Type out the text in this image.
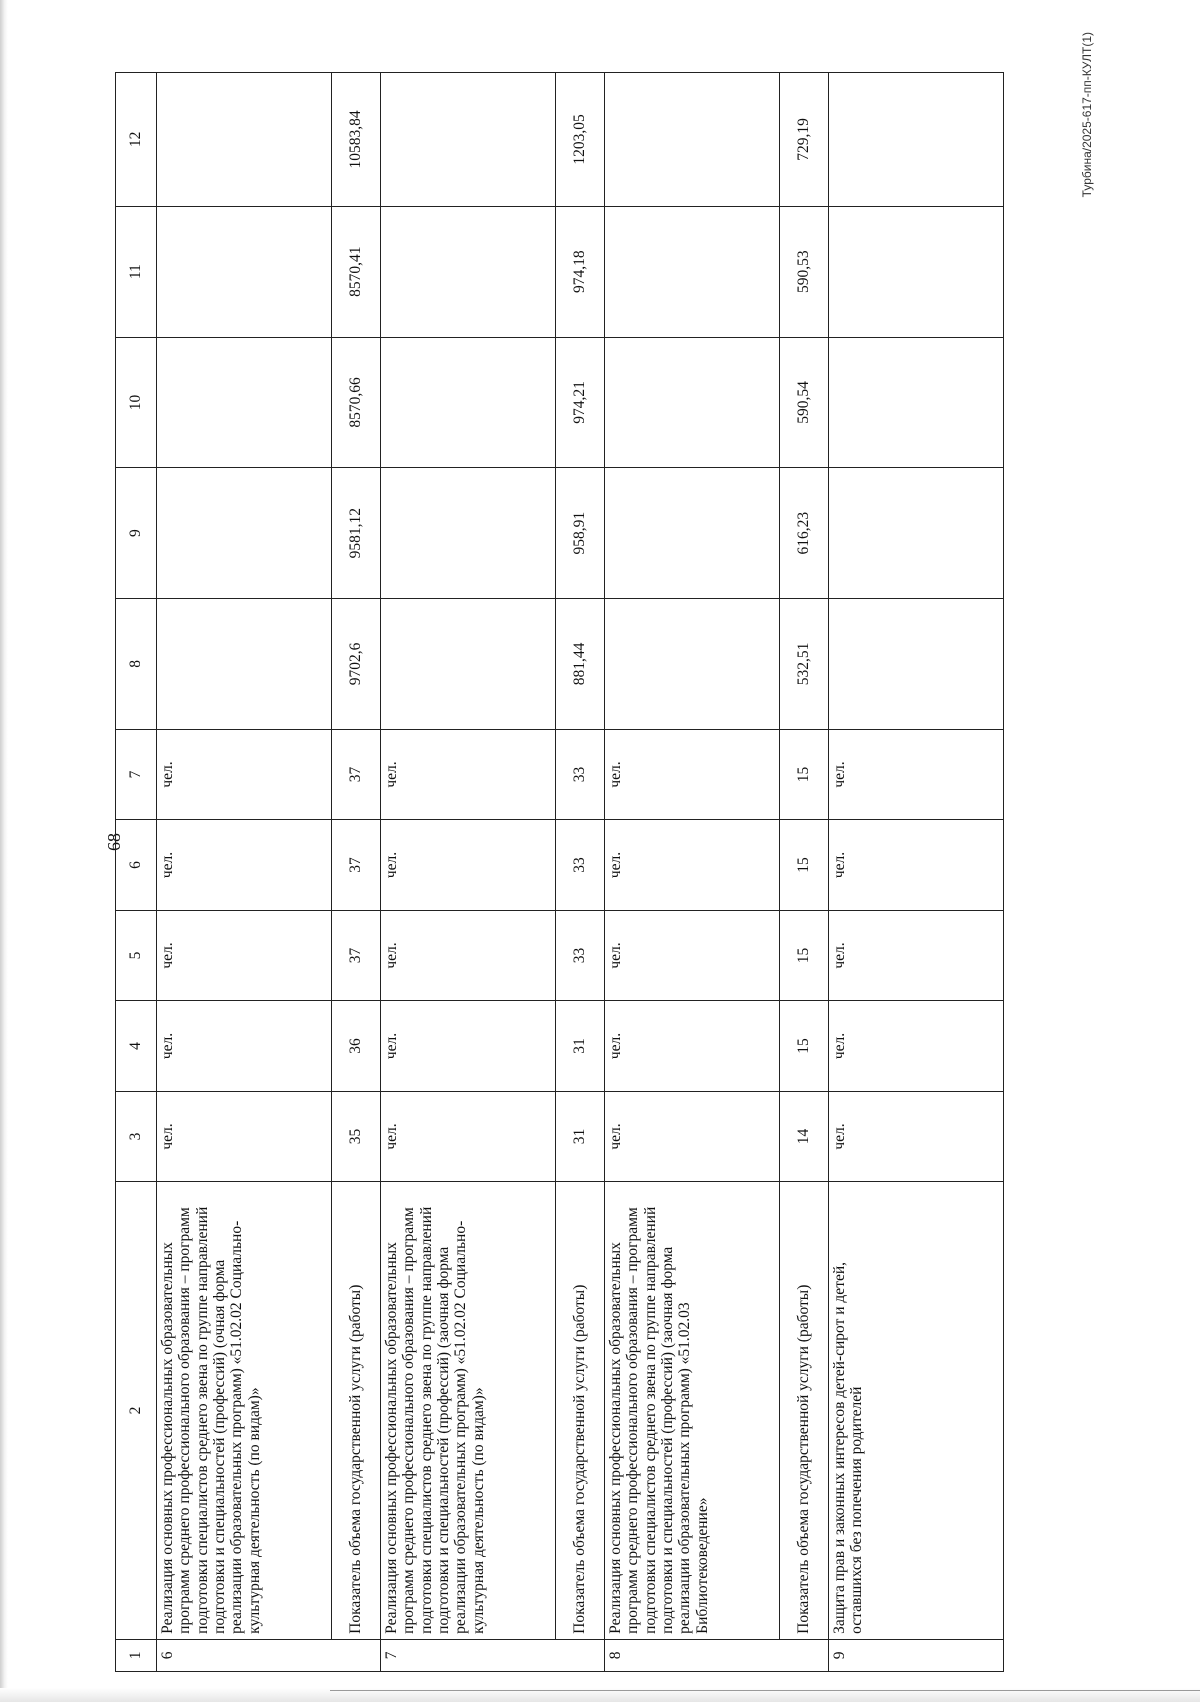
68
1	2	3	4	5	6	7	8	9	10	11	12
6	Реализация основных профессиональных образовательных программ среднего профессионального образования – программ подготовки специалистов среднего звена по группе направлений подготовки и специальностей (профессий) (очная форма реализации образовательных программ) «51.02.02 Социально-культурная деятельность (по видам)»	чел.	чел.	чел.	чел.	чел.					
	Показатель объема государственной услуги (работы)	35	36	37	37	37	9702,6	9581,12	8570,66	8570,41	10583,84
7	Реализация основных профессиональных образовательных программ среднего профессионального образования – программ подготовки специалистов среднего звена по группе направлений подготовки и специальностей (профессий) (заочная форма реализации образовательных программ) «51.02.02 Социально-культурная деятельность (по видам)»	чел.	чел.	чел.	чел.	чел.					
	Показатель объема государственной услуги (работы)	31	31	33	33	33	881,44	958,91	974,21	974,18	1203,05
8	Реализация основных профессиональных образовательных программ среднего профессионального образования – программ подготовки специалистов среднего звена по группе направлений подготовки и специальностей (профессий) (заочная форма реализации образовательных программ) «51.02.03 Библиотековедение»	чел.	чел.	чел.	чел.	чел.					
	Показатель объема государственной услуги (работы)	14	15	15	15	15	532,51	616,23	590,54	590,53	729,19
9	Защита прав и законных интересов детей-сирот и детей, оставшихся без попечения родителей	чел.	чел.	чел.	чел.	чел.					
Турбина/2025-617-пп-КУЛТ(1)
